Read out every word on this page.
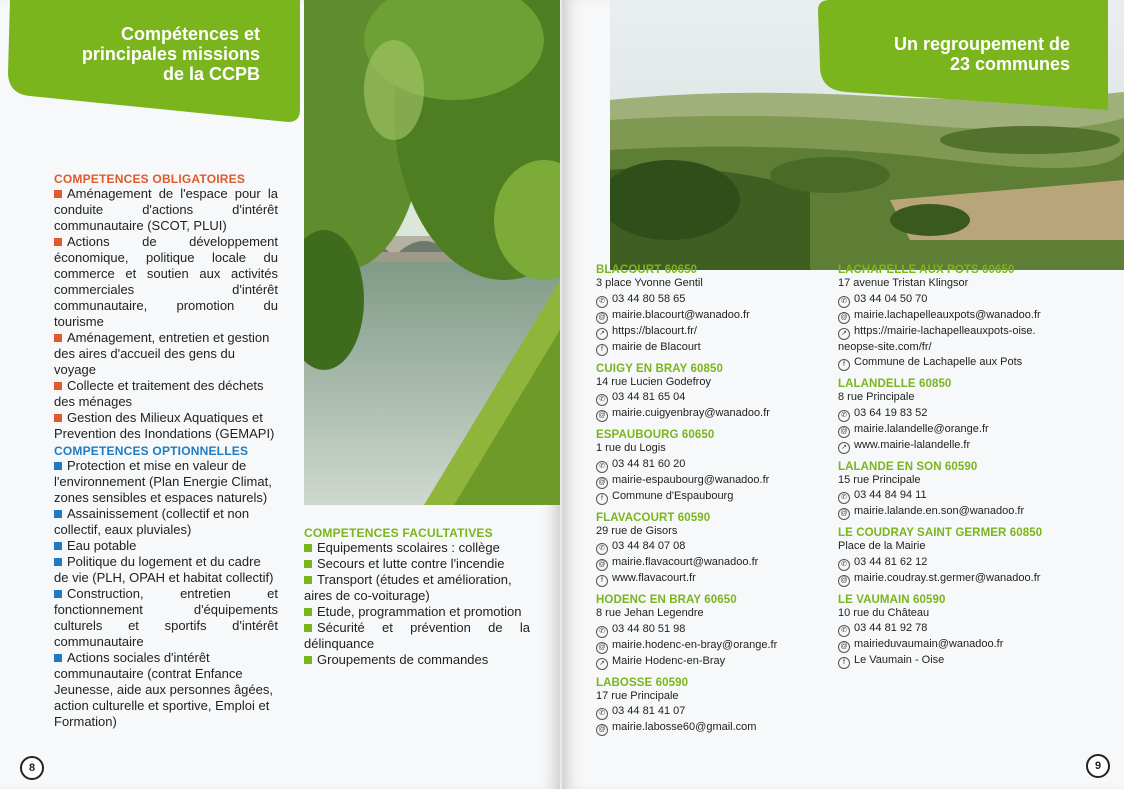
Compétences et
principales missions
de la CCPB

COMPETENCES OBLIGATOIRES

Aménagement de l'espace pour la conduite d'actions d'intérêt communautaire (SCOT, PLUI)

Actions de développement économique, politique locale du commerce et soutien aux activités commerciales d'intérêt communautaire, promotion du tourisme

Aménagement, entretien et gestion des aires d'accueil des gens du voyage

Collecte et traitement des déchets des ménages

Gestion des Milieux Aquatiques et Prevention des Inondations (GEMAPI)

COMPETENCES OPTIONNELLES

Protection et mise en valeur de l'environnement (Plan Energie Climat, zones sensibles et espaces naturels)

Assainissement (collectif et non collectif, eaux pluviales)

Eau potable

Politique du logement et du cadre de vie (PLH, OPAH et habitat collectif)

Construction, entretien et fonctionnement d'équipements culturels et sportifs d'intérêt communautaire

Actions sociales d'intérêt communautaire (contrat Enfance Jeunesse, aide aux personnes âgées, action culturelle et sportive, Emploi et Formation)

COMPETENCES FACULTATIVES

Equipements scolaires : collège

Secours et lutte contre l'incendie

Transport (études et amélioration, aires de co-voiturage)

Etude, programmation et promotion

Sécurité et prévention de la délinquance

Groupements de commandes

8
Un regroupement de
23 communes
BLACOURT 60650

3 place Yvonne Gentil

✆ 03 44 80 58 65

@ mairie.blacourt@wanadoo.fr

↗ https://blacourt.fr/

f mairie de Blacourt

CUIGY EN BRAY 60850

14 rue Lucien Godefroy

✆ 03 44 81 65 04

@ mairie.cuigyenbray@wanadoo.fr

ESPAUBOURG 60650

1 rue du Logis

✆ 03 44 81 60 20

@ mairie-espaubourg@wanadoo.fr

f Commune d'Espaubourg

FLAVACOURT 60590

29 rue de Gisors

✆ 03 44 84 07 08

@ mairie.flavacourt@wanadoo.fr

f www.flavacourt.fr

HODENC EN BRAY 60650

8 rue Jehan Legendre

✆ 03 44 80 51 98

@ mairie.hodenc-en-bray@orange.fr

↗ Mairie Hodenc-en-Bray

LABOSSE 60590

17 rue Principale

✆ 03 44 81 41 07

@ mairie.labosse60@gmail.com

LACHAPELLE AUX POTS 60650

17 avenue Tristan Klingsor

✆ 03 44 04 50 70

@ mairie.lachapelleauxpots@wanadoo.fr

↗ https://mairie-lachapelleauxpots-oise.

neopse-site.com/fr/

f Commune de Lachapelle aux Pots

LALANDELLE 60850

8 rue Principale

✆ 03 64 19 83 52

@ mairie.lalandelle@orange.fr

↗ www.mairie-lalandelle.fr

LALANDE EN SON 60590

15 rue Principale

✆ 03 44 84 94 11

@ mairie.lalande.en.son@wanadoo.fr

LE COUDRAY SAINT GERMER 60850

Place de la Mairie

✆ 03 44 81 62 12

@ mairie.coudray.st.germer@wanadoo.fr

LE VAUMAIN 60590

10 rue du Château

✆ 03 44 81 92 78

@ mairieduvaumain@wanadoo.fr

f Le Vaumain - Oise

9
